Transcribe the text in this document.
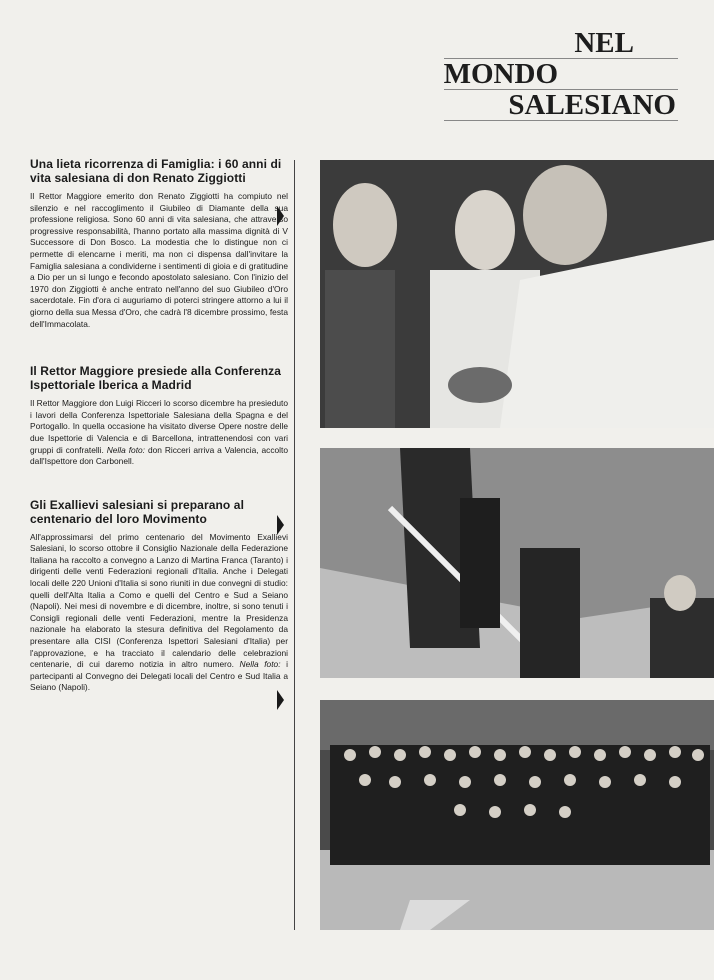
NEL
MONDO
SALESIANO
Una lieta ricorrenza di Famiglia: i 60 anni di vita salesiana di don Renato Ziggiotti

Il Rettor Maggiore emerito don Renato Ziggiotti ha compiuto nel silenzio e nel raccoglimento il Giubileo di Diamante della sua professione religiosa. Sono 60 anni di vita salesiana, che attraverso progressive responsabilità, l'hanno portato alla massima dignità di V Successore di Don Bosco. La modestia che lo distingue non ci permette di elencarne i meriti, ma non ci dispensa dall'invitare la Famiglia salesiana a condividerne i sentimenti di gioia e di gratitudine a Dio per un sì lungo e fecondo apostolato salesiano. Con l'inizio del 1970 don Ziggiotti è anche entrato nell'anno del suo Giubileo d'Oro sacerdotale. Fin d'ora ci auguriamo di poterci stringere attorno a lui il giorno della sua Messa d'Oro, che cadrà l'8 dicembre prossimo, festa dell'Immacolata.

Il Rettor Maggiore presiede alla Conferenza Ispettoriale Iberica a Madrid

Il Rettor Maggiore don Luigi Ricceri lo scorso dicembre ha presieduto i lavori della Conferenza Ispettoriale Salesiana della Spagna e del Portogallo. In quella occasione ha visitato diverse Opere nostre delle due Ispettorie di Valencia e di Barcellona, intrattenendosi con vari gruppi di confratelli. Nella foto: don Ricceri arriva a Valencia, accolto dall'Ispettore don Carbonell.

Gli Exallievi salesiani si preparano al centenario del loro Movimento

All'approssimarsi del primo centenario del Movimento Exallievi Salesiani, lo scorso ottobre il Consiglio Nazionale della Federazione Italiana ha raccolto a convegno a Lanzo di Martina Franca (Taranto) i dirigenti delle venti Federazioni regionali d'Italia. Anche i Delegati locali delle 220 Unioni d'Italia si sono riuniti in due convegni di studio: quelli dell'Alta Italia a Como e quelli del Centro e Sud a Seiano (Napoli). Nei mesi di novembre e di dicembre, inoltre, si sono tenuti i Consigli regionali delle venti Federazioni, mentre la Presidenza nazionale ha elaborato la stesura definitiva del Regolamento da presentare alla CISI (Conferenza Ispettori Salesiani d'Italia) per l'approvazione, e ha tracciato il calendario delle celebrazioni centenarie, di cui daremo notizia in altro numero. Nella foto: i partecipanti al Convegno dei Delegati locali del Centro e Sud Italia a Seiano (Napoli).
